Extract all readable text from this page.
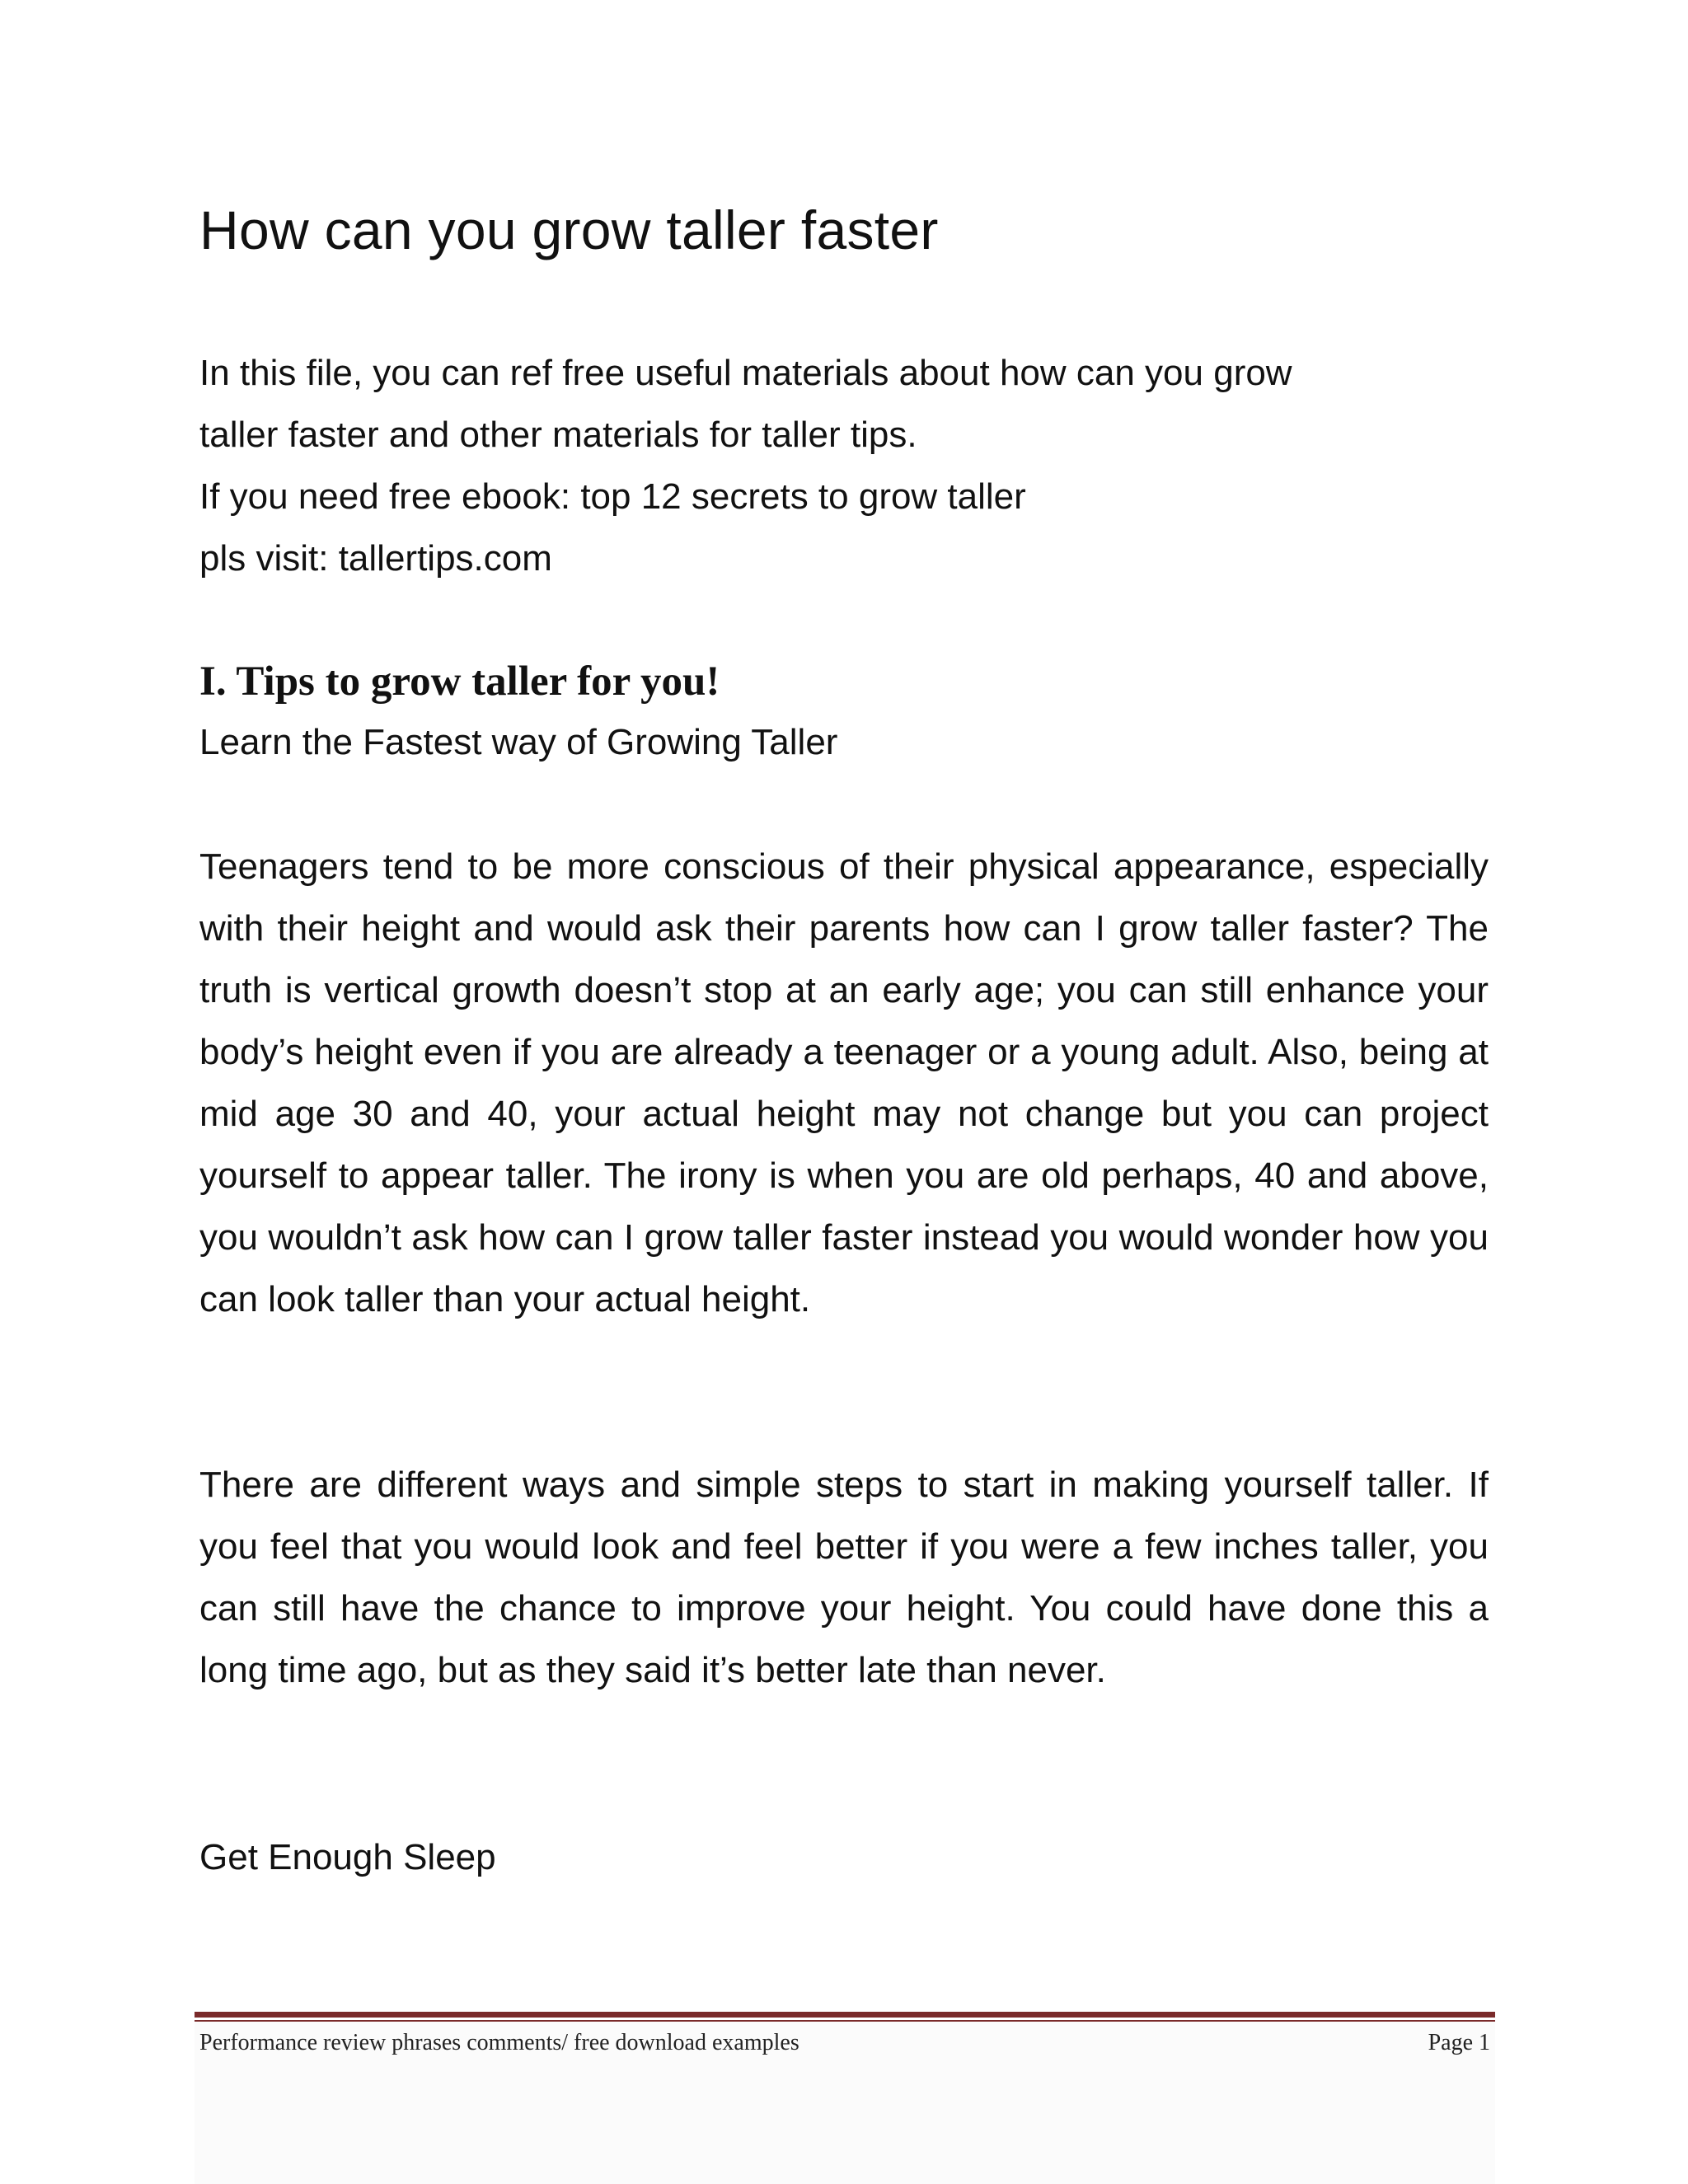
How can you grow taller faster
In this file, you can ref free useful materials about how can you grow
taller faster and other materials for taller tips.
If you need free ebook: top 12 secrets to grow taller
pls visit: tallertips.com
I. Tips to grow taller for you!
Learn the Fastest way of Growing Taller

Teenagers tend to be more conscious of their physical appearance, especially with their height and would ask their parents how can I grow taller faster? The truth is vertical growth doesn’t stop at an early age; you can still enhance your body’s height even if you are already a teenager or a young adult. Also, being at mid age 30 and 40, your actual height may not change but you can project yourself to appear taller. The irony is when you are old perhaps, 40 and above, you wouldn’t ask how can I grow taller faster instead you would wonder how you can look taller than your actual height.

There are different ways and simple steps to start in making yourself taller. If you feel that you would look and feel better if you were a few inches taller, you can still have the chance to improve your height. You could have done this a long time ago, but as they said it’s better late than never.

Get Enough Sleep
Performance review phrases comments/ free download examples	Page 1
